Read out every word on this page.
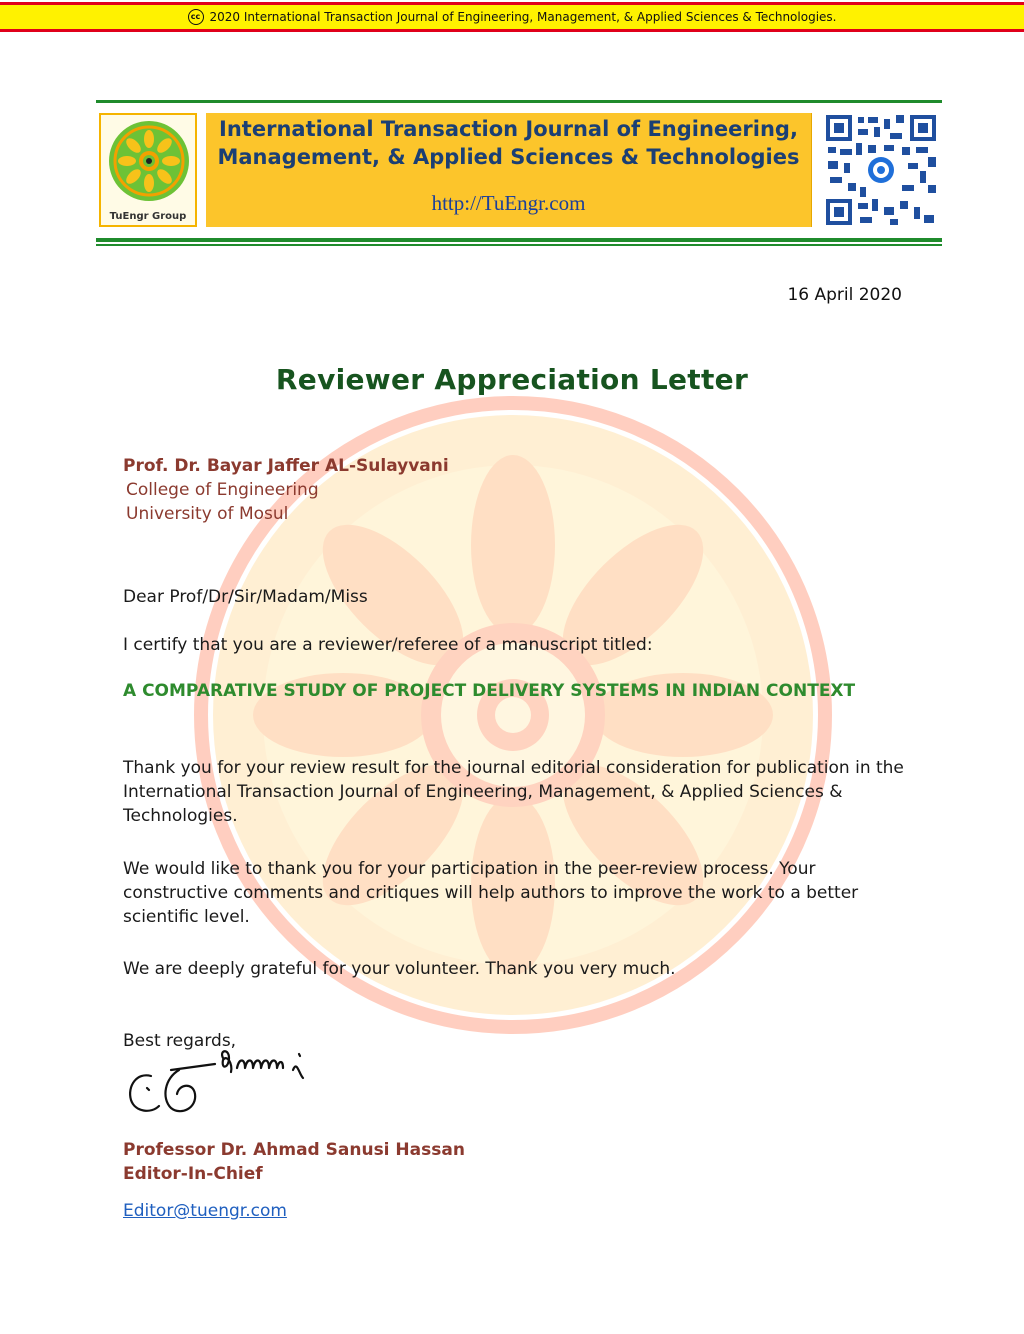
cc 2020 International Transaction Journal of Engineering, Management, & Applied Sciences & Technologies.
TuEngr Group
International Transaction Journal of Engineering,
Management, & Applied Sciences & Technologies
http://TuEngr.com
16 April 2020
Reviewer Appreciation Letter
Prof. Dr. Bayar Jaffer AL-Sulayvani
College of Engineering
University of Mosul
Dear Prof/Dr/Sir/Madam/Miss
I certify that you are a reviewer/referee of a manuscript titled:
A COMPARATIVE STUDY OF PROJECT DELIVERY SYSTEMS IN INDIAN CONTEXT
Thank you for your review result for the journal editorial consideration for publication in the International Transaction Journal of Engineering, Management, & Applied Sciences & Technologies.
We would like to thank you for your participation in the peer-review process. Your constructive comments and critiques will help authors to improve the work to a better scientific level.
We are deeply grateful for your volunteer. Thank you very much.
Best regards,
Professor Dr. Ahmad Sanusi Hassan
Editor-In-Chief
Editor@tuengr.com
